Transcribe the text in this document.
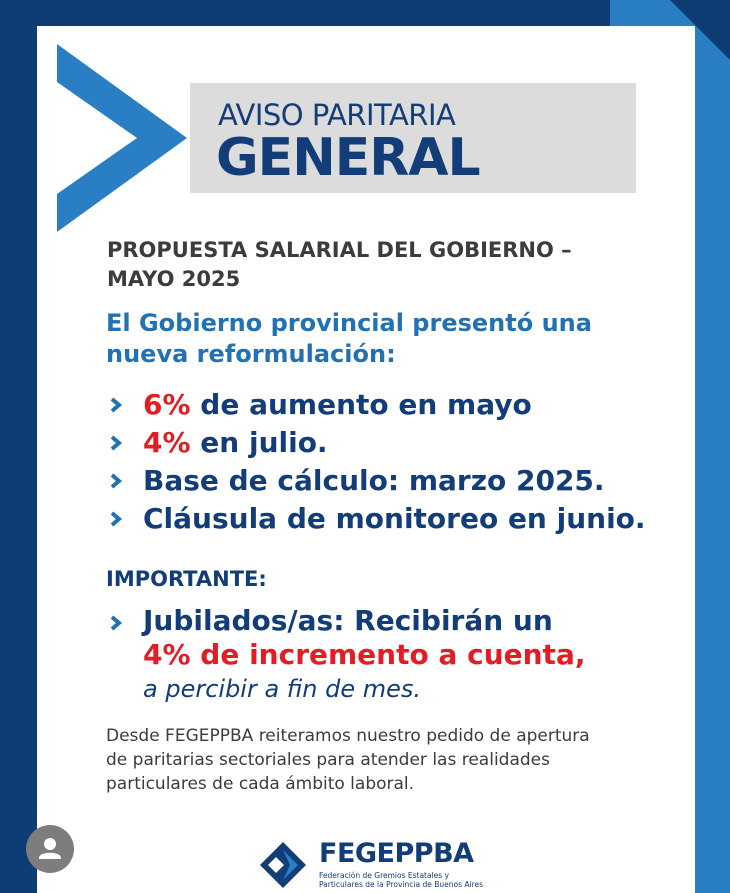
AVISO PARITARIA
GENERAL
PROPUESTA SALARIAL DEL GOBIERNO –
MAYO 2025
El Gobierno provincial presentó una
nueva reformulación:
6% de aumento en mayo
4% en julio.
Base de cálculo: marzo 2025.
Cláusula de monitoreo en junio.
IMPORTANTE:
Jubilados/as: Recibirán un
4% de incremento a cuenta,
a percibir a fin de mes.
Desde FEGEPPBA reiteramos nuestro pedido de apertura
de paritarias sectoriales para atender las realidades
particulares de cada ámbito laboral.
FEGEPPBA
Federación de Gremios Estatales y
Particulares de la Provincia de Buenos Aires
